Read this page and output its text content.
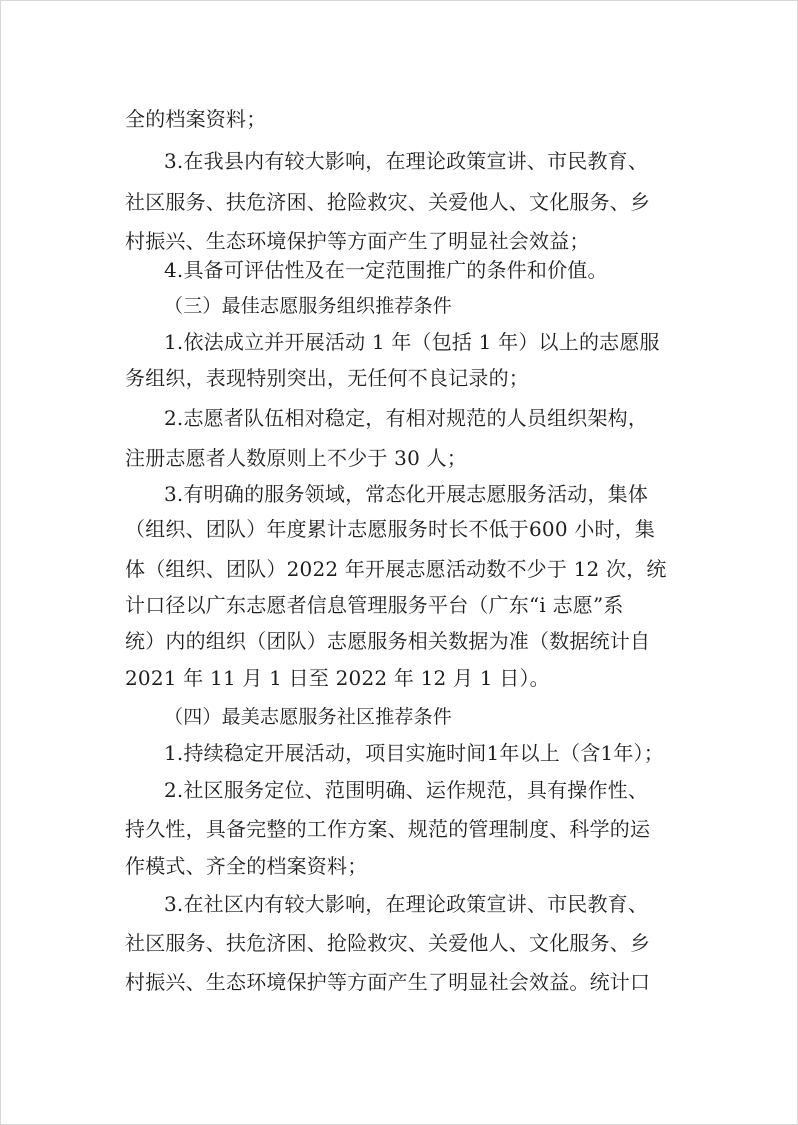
全的档案资料；
3.在我县内有较大影响，在理论政策宣讲、市民教育、
社区服务、扶危济困、抢险救灾、关爱他人、文化服务、乡
村振兴、生态环境保护等方面产生了明显社会效益；
4.具备可评估性及在一定范围推广的条件和价值。
（三）最佳志愿服务组织推荐条件
1.依法成立并开展活动 1 年（包括 1 年）以上的志愿服
务组织，表现特别突出，无任何不良记录的；
2.志愿者队伍相对稳定，有相对规范的人员组织架构，
注册志愿者人数原则上不少于 30 人；
3.有明确的服务领域，常态化开展志愿服务活动，集体
（组织、团队）年度累计志愿服务时长不低于600 小时，集
体（组织、团队）2022 年开展志愿活动数不少于 12 次，统
计口径以广东志愿者信息管理服务平台（广东“i 志愿”系
统）内的组织（团队）志愿服务相关数据为准（数据统计自
2021 年 11 月 1 日至 2022 年 12 月 1 日）。
（四）最美志愿服务社区推荐条件
1.持续稳定开展活动，项目实施时间1年以上（含1年）；
2.社区服务定位、范围明确、运作规范，具有操作性、
持久性，具备完整的工作方案、规范的管理制度、科学的运
作模式、齐全的档案资料；
3.在社区内有较大影响，在理论政策宣讲、市民教育、
社区服务、扶危济困、抢险救灾、关爱他人、文化服务、乡
村振兴、生态环境保护等方面产生了明显社会效益。统计口
